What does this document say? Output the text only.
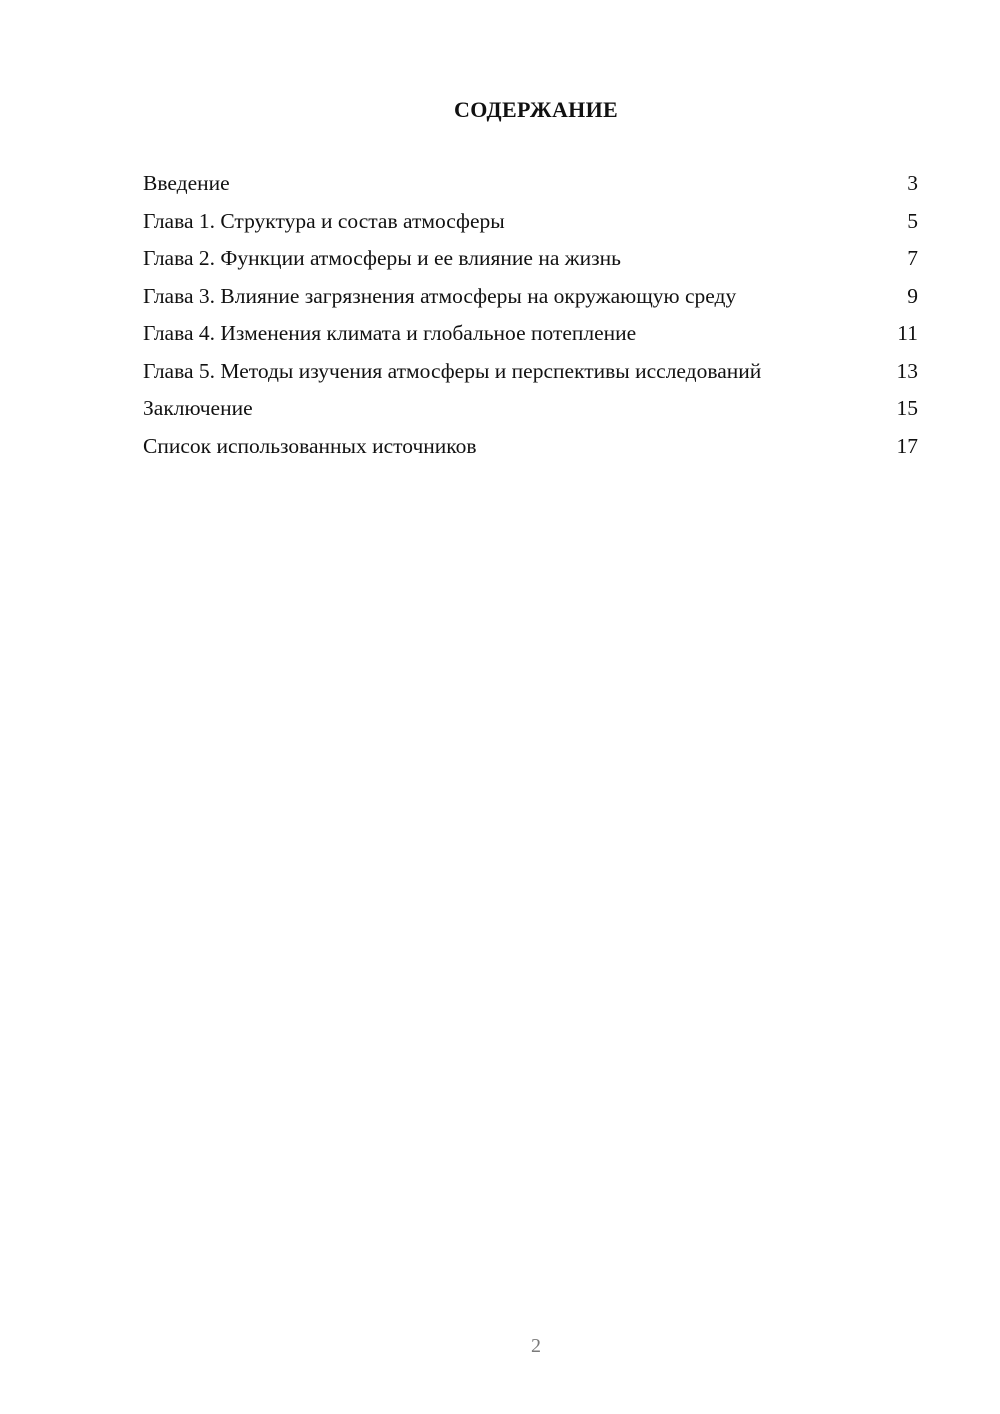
СОДЕРЖАНИЕ
Введение	3
Глава 1. Структура и состав атмосферы	5
Глава 2. Функции атмосферы и ее влияние на жизнь	7
Глава 3. Влияние загрязнения атмосферы на окружающую среду	9
Глава 4. Изменения климата и глобальное потепление	11
Глава 5. Методы изучения атмосферы и перспективы исследований	13
Заключение	15
Список использованных источников	17
2
